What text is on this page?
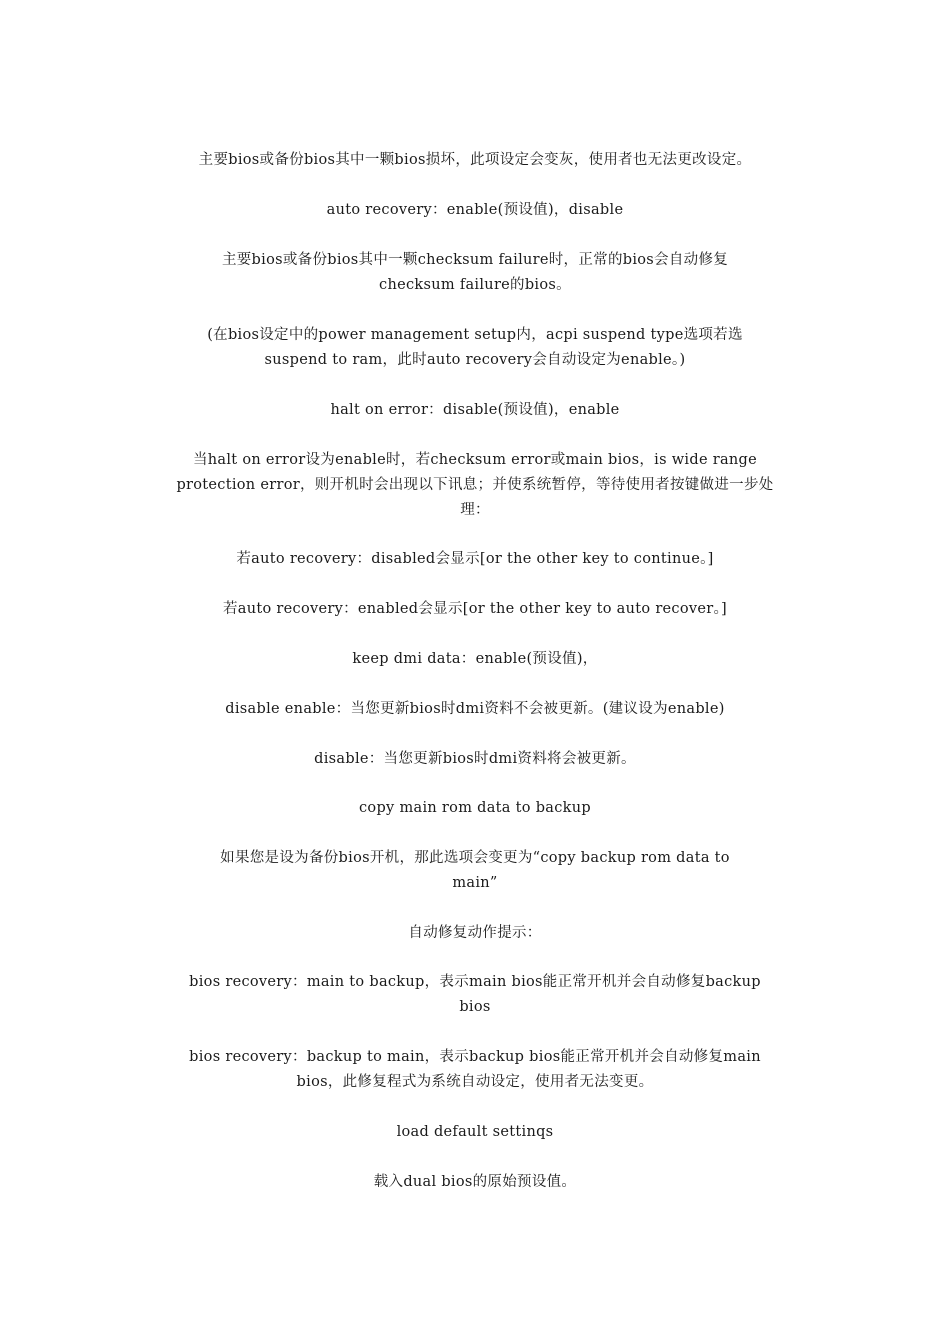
主要bios或备份bios其中一颗bios损坏，此项设定会变灰，使用者也无法更改设定。

auto recovery：enable(预设值)，disable

主要bios或备份bios其中一颗checksum failure时，正常的bios会自动修复
checksum failure的bios。

(在bios设定中的power management setup内，acpi suspend type选项若选
suspend to ram，此时auto recovery会自动设定为enable。)

halt on error：disable(预设值)，enable

当halt on error设为enable时，若checksum error或main bios，is wide range
protection error，则开机时会出现以下讯息；并使系统暂停，等待使用者按键做进一步处
理：

若auto recovery：disabled会显示[or the other key to continue。]

若auto recovery：enabled会显示[or the other key to auto recover。]

keep dmi data：enable(预设值)，

disable enable：当您更新bios时dmi资料不会被更新。(建议设为enable)

disable：当您更新bios时dmi资料将会被更新。

copy main rom data to backup

如果您是设为备份bios开机，那此选项会变更为“copy backup rom data to
main”

自动修复动作提示：

bios recovery：main to backup，表示main bios能正常开机并会自动修复backup
bios

bios recovery：backup to main，表示backup bios能正常开机并会自动修复main
bios，此修复程式为系统自动设定，使用者无法变更。

load default settinqs

载入dual bios的原始预设值。
